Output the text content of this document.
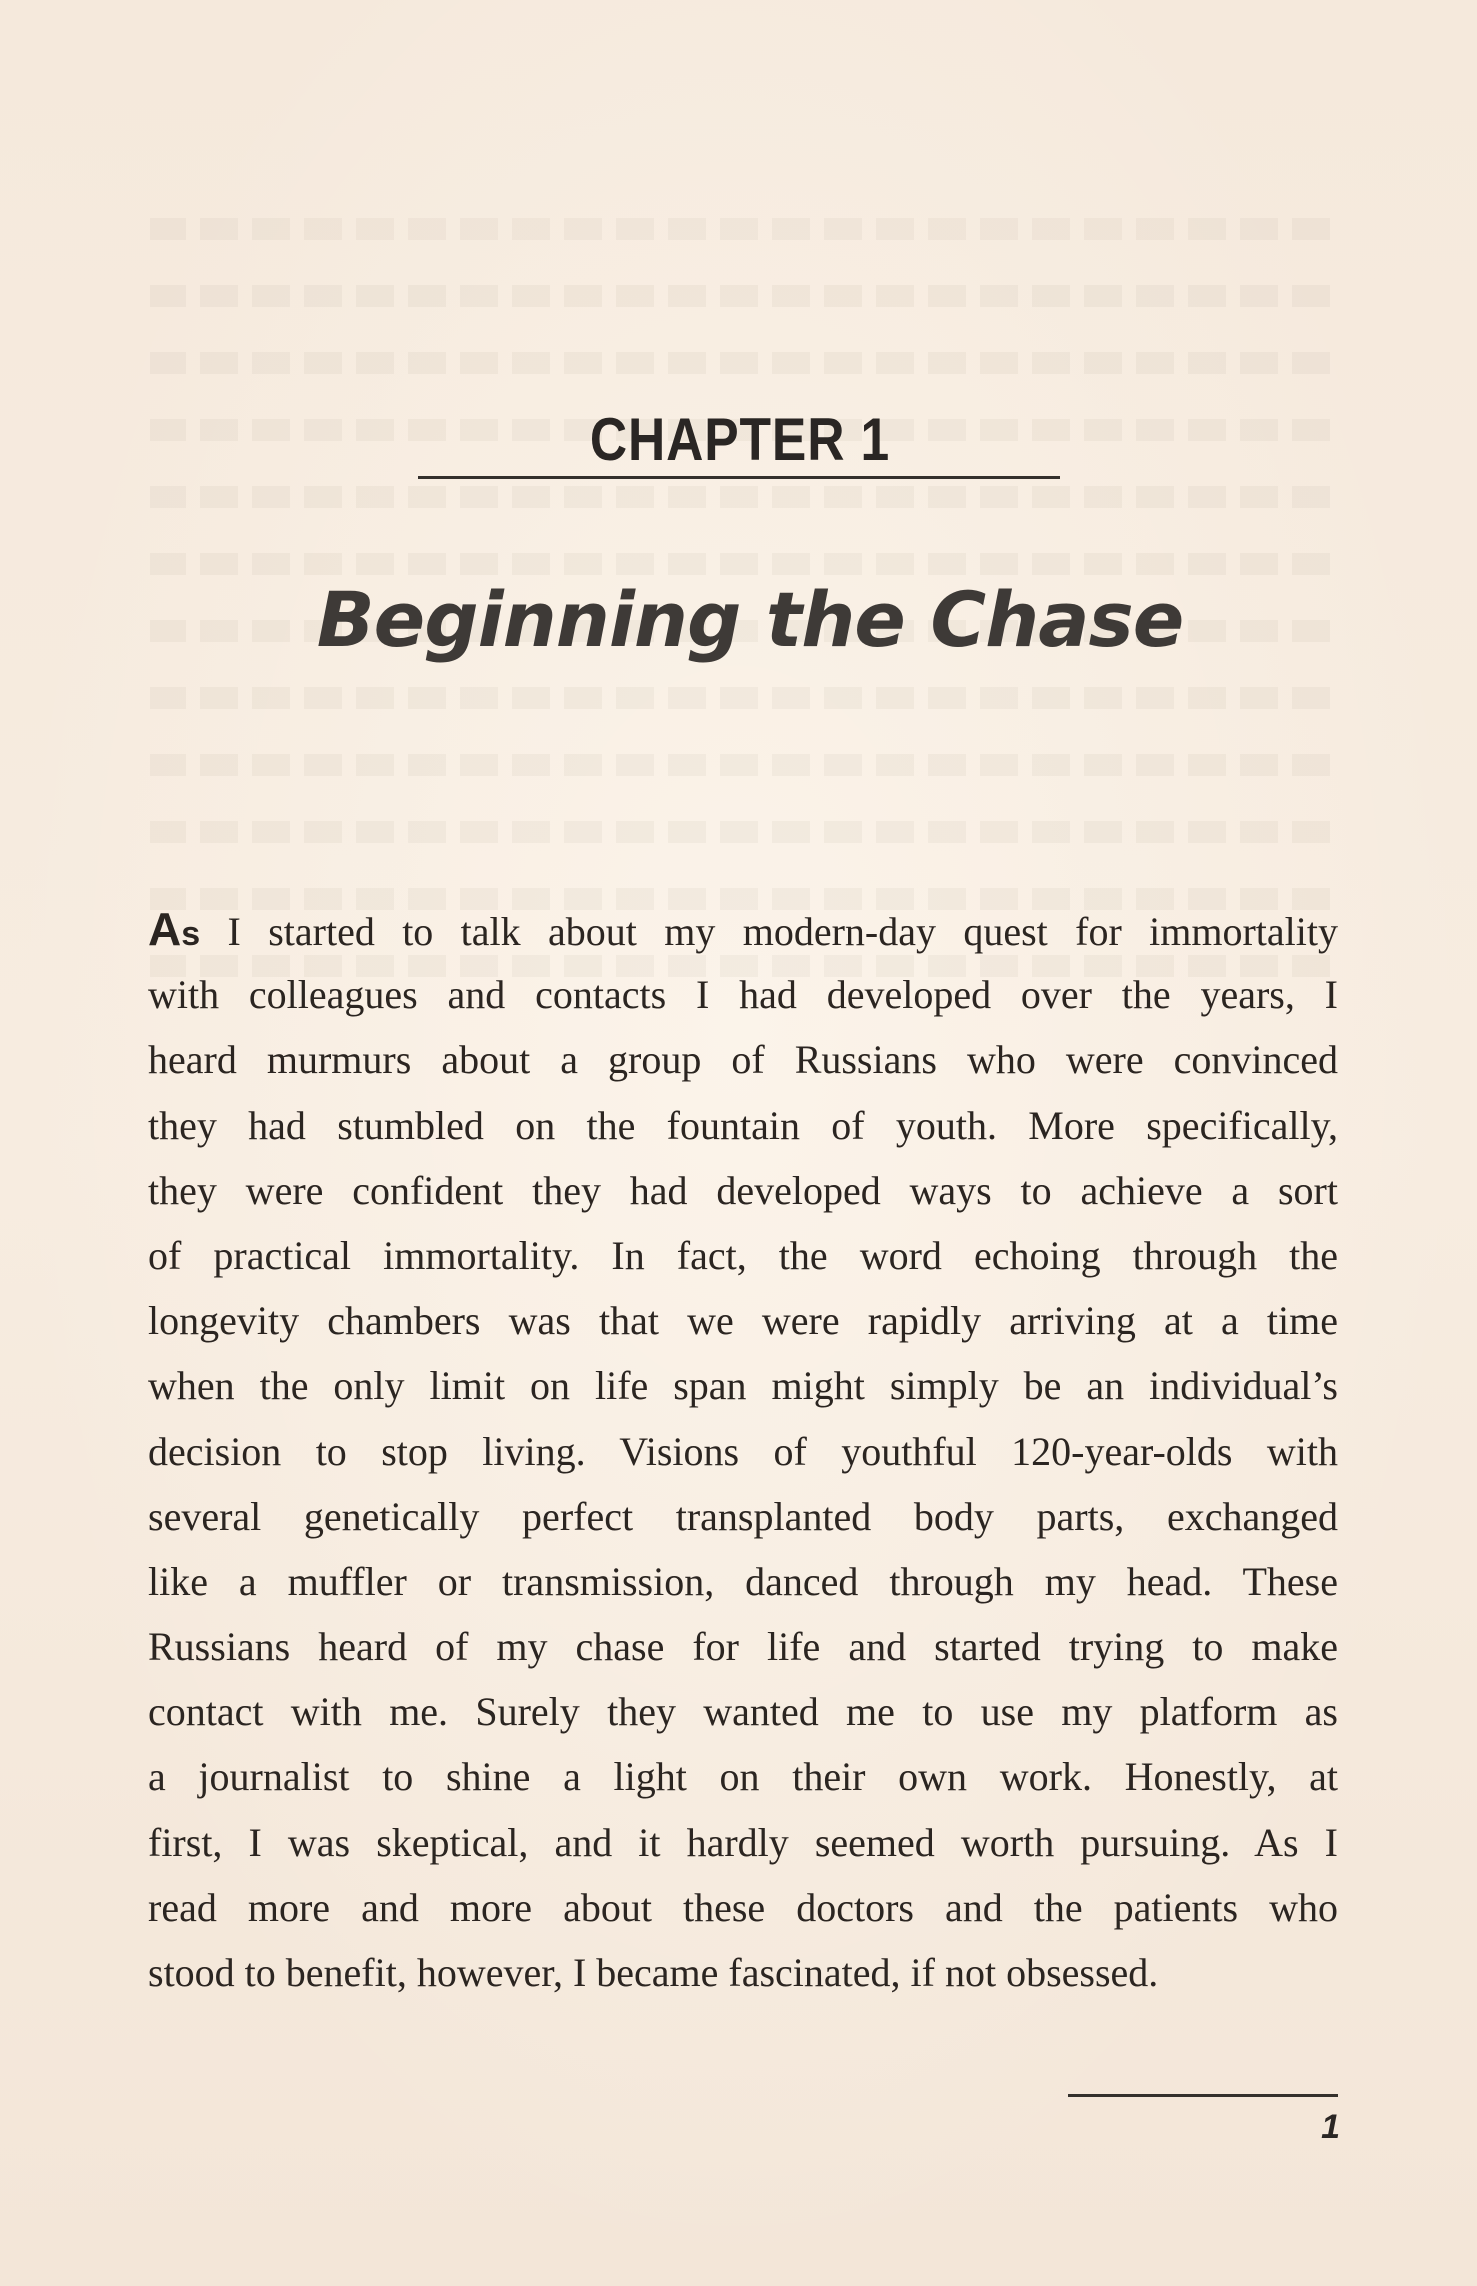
CHAPTER 1
Beginning the Chase
As I started to talk about my modern-day quest for immortality
with colleagues and contacts I had developed over the years, I
heard murmurs about a group of Russians who were convinced
they had stumbled on the fountain of youth. More specifically,
they were confident they had developed ways to achieve a sort
of practical immortality. In fact, the word echoing through the
longevity chambers was that we were rapidly arriving at a time
when the only limit on life span might simply be an individual’s
decision to stop living. Visions of youthful 120-year-olds with
several genetically perfect transplanted body parts, exchanged
like a muffler or transmission, danced through my head. These
Russians heard of my chase for life and started trying to make
contact with me. Surely they wanted me to use my platform as
a journalist to shine a light on their own work. Honestly, at
first, I was skeptical, and it hardly seemed worth pursuing. As I
read more and more about these doctors and the patients who
stood to benefit, however, I became fascinated, if not obsessed.
1
